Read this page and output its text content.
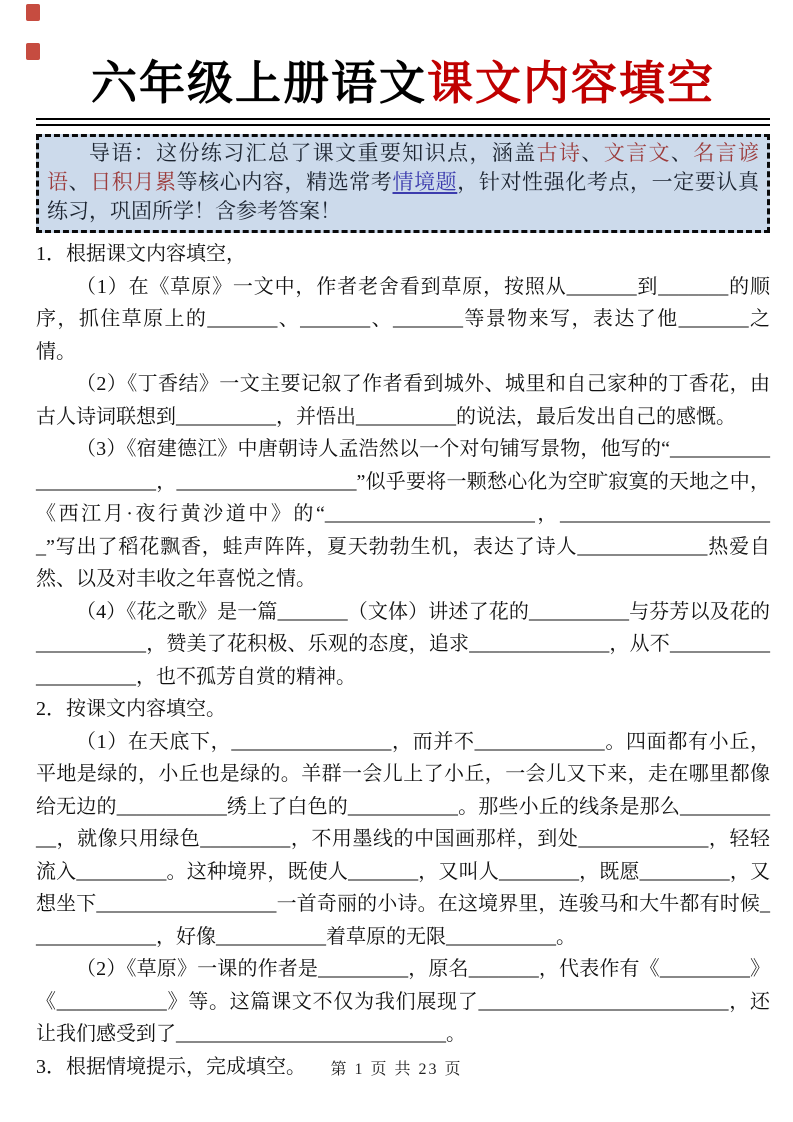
六年级上册语文课文内容填空
导语：这份练习汇总了课文重要知识点，涵盖古诗、文言文、名言谚语、日积月累等核心内容，精选常考情境题，针对性强化考点，一定要认真练习，巩固所学！含参考答案！

1．根据课文内容填空，

（1）在《草原》一文中，作者老舍看到草原，按照从_______到_______的顺序，抓住草原上的_______、_______、_______等景物来写，表达了他_______之情。

（2）《丁香结》一文主要记叙了作者看到城外、城里和自己家种的丁香花，由古人诗词联想到__________，并悟出__________的说法，最后发出自己的感慨。

（3）《宿建德江》中唐朝诗人孟浩然以一个对句铺写景物，他写的“______________________，__________________”似乎要将一颗愁心化为空旷寂寞的天地之中，《西江月·夜行黄沙道中》的“_____________________，______________________”写出了稻花飘香，蛙声阵阵，夏天勃勃生机，表达了诗人_____________热爱自然、以及对丰收之年喜悦之情。

（4）《花之歌》是一篇_______（文体）讲述了花的__________与芬芳以及花的___________，赞美了花积极、乐观的态度，追求______________，从不____________________，也不孤芳自赏的精神。

2．按课文内容填空。

（1）在天底下，________________，而并不_____________。四面都有小丘，平地是绿的，小丘也是绿的。羊群一会儿上了小丘，一会儿又下来，走在哪里都像给无边的___________绣上了白色的___________。那些小丘的线条是那么___________，就像只用绿色_________，不用墨线的中国画那样，到处_____________，轻轻流入_________。这种境界，既使人_______，又叫人________，既愿_________，又想坐下__________________一首奇丽的小诗。在这境界里，连骏马和大牛都有时候_____________，好像___________着草原的无限___________。

（2）《草原》一课的作者是_________，原名_______，代表作有《_________》《___________》等。这篇课文不仅为我们展现了_________________________，还让我们感受到了___________________________。

3．根据情境提示，完成填空。	第 1 页 共 23 页
